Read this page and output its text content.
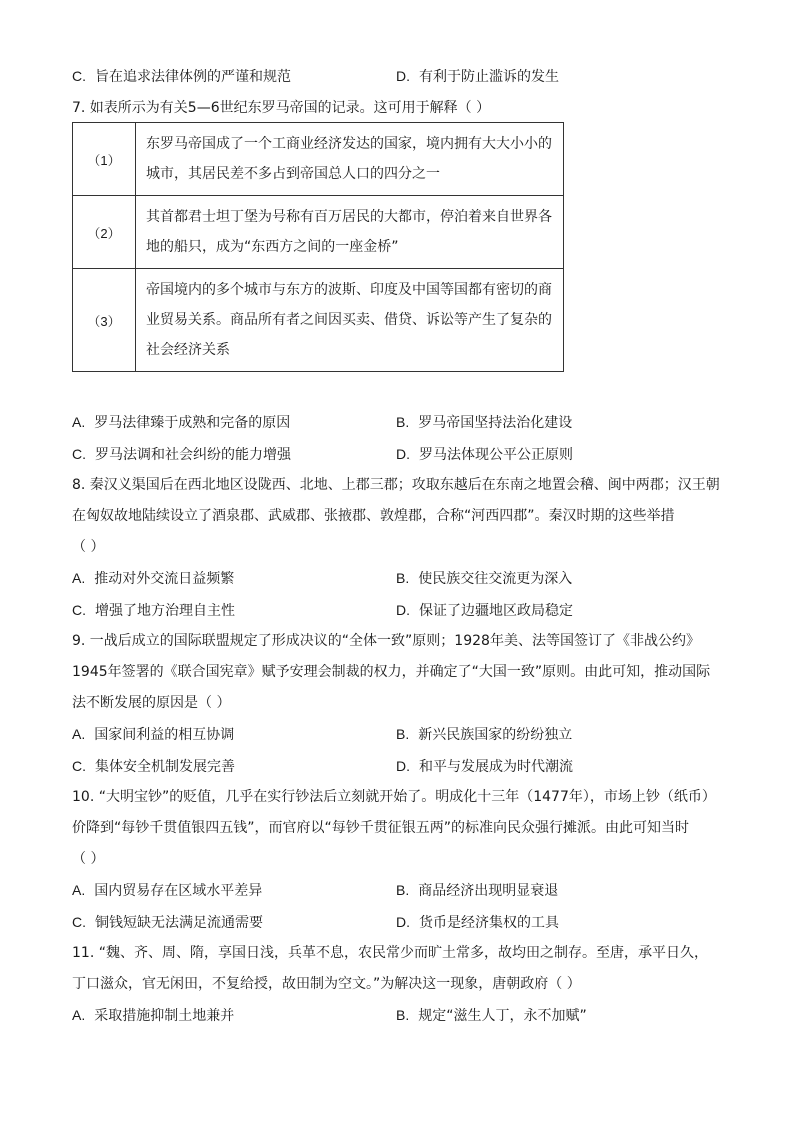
C. 旨在追求法律体例的严谨和规范	D. 有利于防止滥诉的发生
7. 如表所示为有关5—6世纪东罗马帝国的记录。这可用于解释（ ）
（1）	东罗马帝国成了一个工商业经济发达的国家，境内拥有大大小小的
城市，其居民差不多占到帝国总人口的四分之一

（2）	其首都君士坦丁堡为号称有百万居民的大都市，停泊着来自世界各
地的船只，成为“东西方之间的一座金桥”

（3）	帝国境内的多个城市与东方的波斯、印度及中国等国都有密切的商
业贸易关系。商品所有者之间因买卖、借贷、诉讼等产生了复杂的
社会经济关系
A. 罗马法律臻于成熟和完备的原因	B. 罗马帝国坚持法治化建设
C. 罗马法调和社会纠纷的能力增强	D. 罗马法体现公平公正原则
8. 秦汉义渠国后在西北地区设陇西、北地、上郡三郡；攻取东越后在东南之地置会稽、闽中两郡；汉王朝
在匈奴故地陆续设立了酒泉郡、武威郡、张掖郡、敦煌郡，合称“河西四郡”。秦汉时期的这些举措
（ ）
A. 推动对外交流日益频繁	B. 使民族交往交流更为深入
C. 增强了地方治理自主性	D. 保证了边疆地区政局稳定
9. 一战后成立的国际联盟规定了形成决议的“全体一致”原则；1928年美、法等国签订了《非战公约》
1945年签署的《联合国宪章》赋予安理会制裁的权力，并确定了“大国一致”原则。由此可知，推动国际
法不断发展的原因是（ ）
A. 国家间利益的相互协调	B. 新兴民族国家的纷纷独立
C. 集体安全机制发展完善	D. 和平与发展成为时代潮流
10. “大明宝钞”的贬值，几乎在实行钞法后立刻就开始了。明成化十三年（1477年），市场上钞（纸币）
价降到“每钞千贯值银四五钱”，而官府以“每钞千贯征银五两”的标准向民众强行摊派。由此可知当时
（ ）
A. 国内贸易存在区域水平差异	B. 商品经济出现明显衰退
C. 铜钱短缺无法满足流通需要	D. 货币是经济集权的工具
11. “魏、齐、周、隋，享国日浅，兵革不息，农民常少而旷土常多，故均田之制存。至唐，承平日久，
丁口滋众，官无闲田，不复给授，故田制为空文。”为解决这一现象，唐朝政府（ ）
A. 采取措施抑制土地兼并	B. 规定“滋生人丁，永不加赋”
